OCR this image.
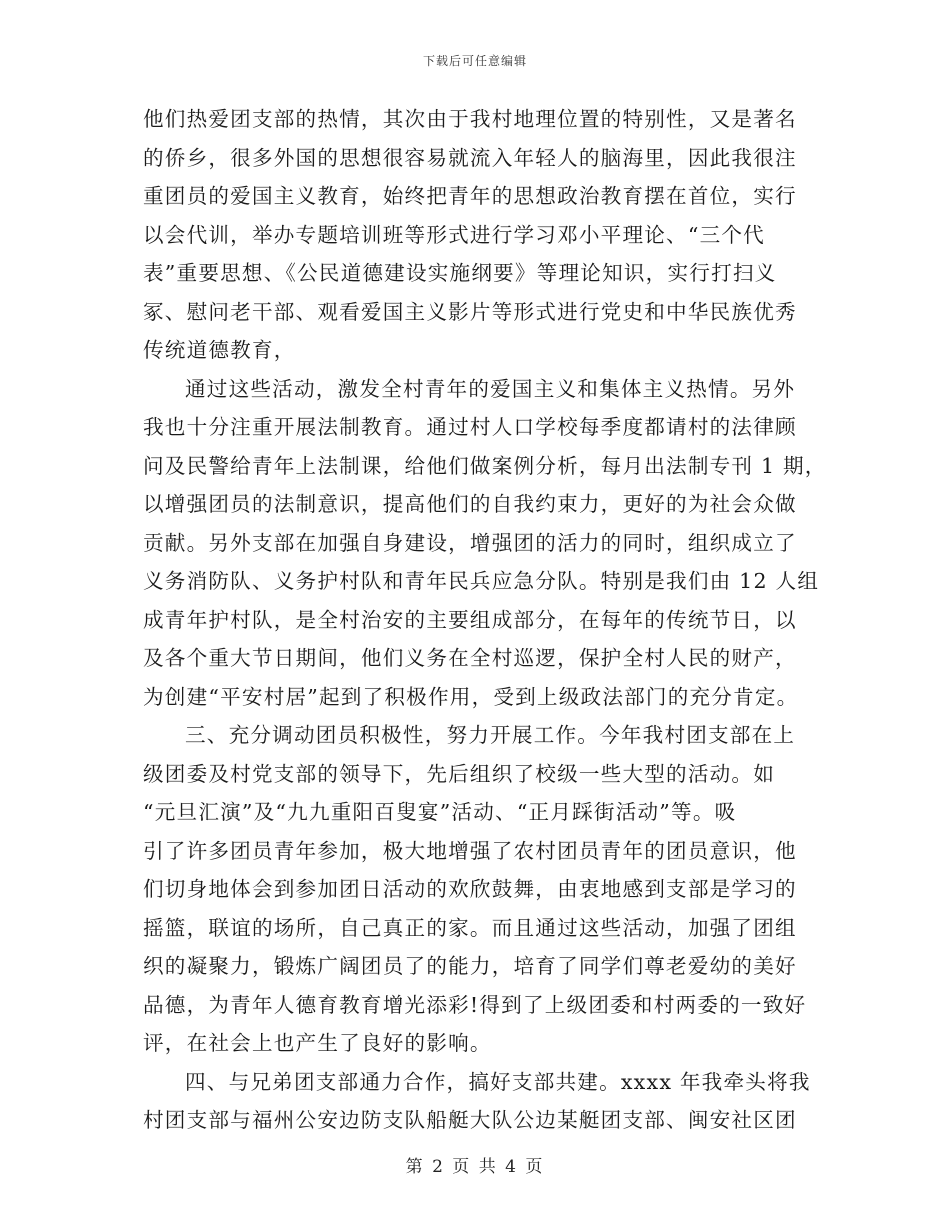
下载后可任意编辑
他们热爱团支部的热情，其次由于我村地理位置的特别性，又是著名
的侨乡，很多外国的思想很容易就流入年轻人的脑海里，因此我很注
重团员的爱国主义教育，始终把青年的思想政治教育摆在首位，实行
以会代训，举办专题培训班等形式进行学习邓小平理论、“三个代
表”重要思想、《公民道德建设实施纲要》等理论知识，实行打扫义
冢、慰问老干部、观看爱国主义影片等形式进行党史和中华民族优秀
传统道德教育，
通过这些活动，激发全村青年的爱国主义和集体主义热情。另外
我也十分注重开展法制教育。通过村人口学校每季度都请村的法律顾
问及民警给青年上法制课，给他们做案例分析，每月出法制专刊 1 期，
以增强团员的法制意识，提高他们的自我约束力，更好的为社会众做
贡献。另外支部在加强自身建设，增强团的活力的同时，组织成立了
义务消防队、义务护村队和青年民兵应急分队。特别是我们由 12 人组
成青年护村队，是全村治安的主要组成部分，在每年的传统节日，以
及各个重大节日期间，他们义务在全村巡逻，保护全村人民的财产，
为创建“平安村居”起到了积极作用，受到上级政法部门的充分肯定。
三、充分调动团员积极性，努力开展工作。今年我村团支部在上
级团委及村党支部的领导下，先后组织了校级一些大型的活动。如
“元旦汇演”及“九九重阳百叟宴”活动、“正月踩街活动”等。吸
引了许多团员青年参加，极大地增强了农村团员青年的团员意识，他
们切身地体会到参加团日活动的欢欣鼓舞，由衷地感到支部是学习的
摇篮，联谊的场所，自己真正的家。而且通过这些活动，加强了团组
织的凝聚力，锻炼广阔团员了的能力，培育了同学们尊老爱幼的美好
品德，为青年人德育教育增光添彩!得到了上级团委和村两委的一致好
评，在社会上也产生了良好的影响。
四、与兄弟团支部通力合作，搞好支部共建。xxxx 年我牵头将我
村团支部与福州公安边防支队船艇大队公边某艇团支部、闽安社区团
第 2 页 共 4 页
